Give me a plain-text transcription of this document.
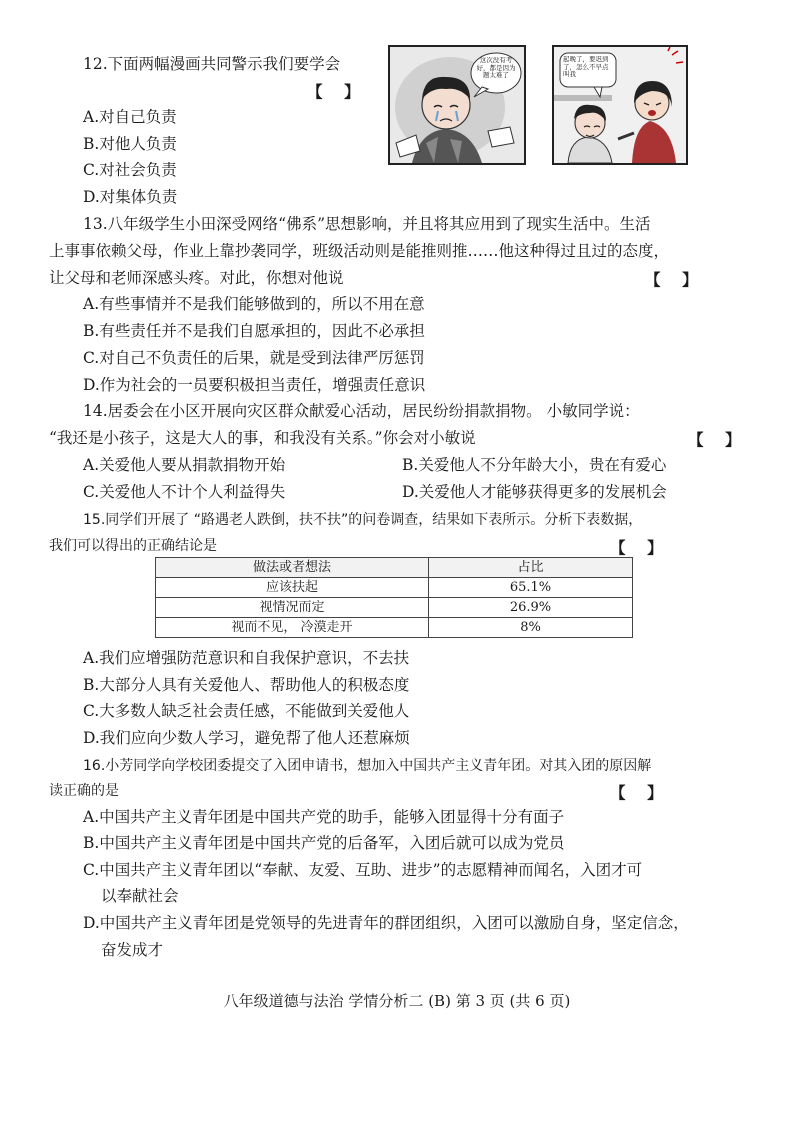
12.下面两幅漫画共同警示我们要学会
【    】
A.对自己负责
B.对他人负责
C.对社会负责
D.对集体负责
这次没有考好，都是因为题太难了
起晚了，要迟到了，怎么不早点叫我
13.八年级学生小田深受网络“佛系”思想影响，并且将其应用到了现实生活中。生活
上事事依赖父母，作业上靠抄袭同学，班级活动则是能推则推……他这种得过且过的态度，
让父母和老师深感头疼。对此，你想对他说	【    】
A.有些事情并不是我们能够做到的，所以不用在意
B.有些责任并不是我们自愿承担的，因此不必承担
C.对自己不负责任的后果，就是受到法律严厉惩罚
D.作为社会的一员要积极担当责任，增强责任意识
14.居委会在小区开展向灾区群众献爱心活动，居民纷纷捐款捐物。 小敏同学说：
“我还是小孩子，这是大人的事，和我没有关系。”你会对小敏说	【    】
A.关爱他人要从捐款捐物开始	B.关爱他人不分年龄大小，贵在有爱心
C.关爱他人不计个人利益得失	D.关爱他人才能够获得更多的发展机会
15.同学们开展了 “路遇老人跌倒，扶不扶”的问卷调查，结果如下表所示。分析下表数据，
我们可以得出的正确结论是	【    】
做法或者想法	占比
应该扶起	65.1%
视情况而定	26.9%
视而不见， 冷漠走开	8%
A.我们应增强防范意识和自我保护意识，不去扶
B.大部分人具有关爱他人、帮助他人的积极态度
C.大多数人缺乏社会责任感，不能做到关爱他人
D.我们应向少数人学习，避免帮了他人还惹麻烦
16.小芳同学向学校团委提交了入团申请书，想加入中国共产主义青年团。对其入团的原因解
读正确的是	【    】
A.中国共产主义青年团是中国共产党的助手，能够入团显得十分有面子
B.中国共产主义青年团是中国共产党的后备军，入团后就可以成为党员
C.中国共产主义青年团以“奉献、友爱、互助、进步”的志愿精神而闻名，入团才可
以奉献社会
D.中国共产主义青年团是党领导的先进青年的群团组织，入团可以激励自身，坚定信念，
奋发成才
八年级道德与法治 学情分析二 (B) 第 3 页 (共 6 页)
